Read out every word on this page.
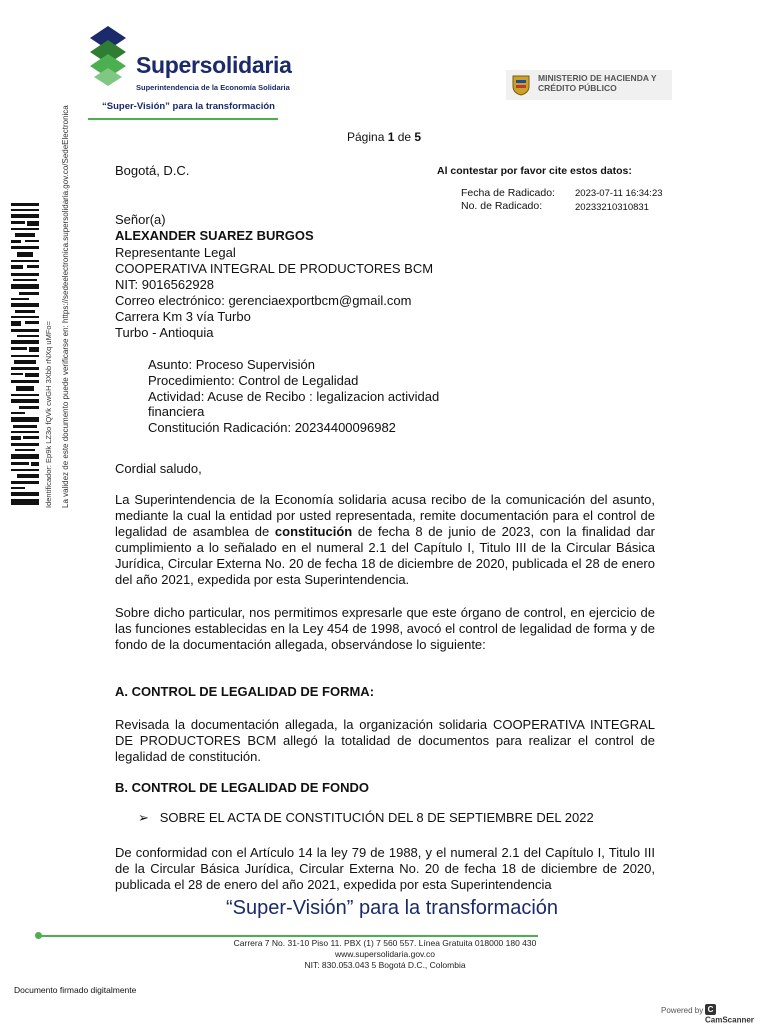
Supersolidaria
Superintendencia de la Economía Solidaria
“Super-Visión” para la transformación
MINISTERIO DE HACIENDA Y CRÉDITO PÚBLICO
La validez de este documento puede verificarse en: https://sedeelectronica.supersolidaria.gov.co/SedeElectronica
Identificador: Ep9k LZ3o fQVk cwGH 3Xbb rNXq uMFo=
Página 1 de 5
Bogotá, D.C.	Al contestar por favor cite estos datos:
Fecha de Radicado: 2023-07-11 16:34:23
No. de Radicado:	20233210310831
Señor(a)
ALEXANDER SUAREZ BURGOS
Representante Legal
COOPERATIVA INTEGRAL DE PRODUCTORES BCM
NIT: 9016562928
Correo electrónico: gerenciaexportbcm@gmail.com
Carrera Km 3 vía Turbo
Turbo - Antioquia
Asunto: Proceso Supervisión
Procedimiento: Control de Legalidad
Actividad: Acuse de Recibo : legalizacion actividad
financiera
Constitución Radicación: 20234400096982
Cordial saludo,
La Superintendencia de la Economía solidaria acusa recibo de la comunicación del asunto, mediante la cual la entidad por usted representada, remite documentación para el control de legalidad de asamblea de constitución de fecha 8 de junio de 2023, con la finalidad dar cumplimiento a lo señalado en el numeral 2.1 del Capítulo I, Titulo III de la Circular Básica Jurídica, Circular Externa No. 20 de fecha 18 de diciembre de 2020, publicada el 28 de enero del año 2021, expedida por esta Superintendencia.
Sobre dicho particular, nos permitimos expresarle que este órgano de control, en ejercicio de las funciones establecidas en la Ley 454 de 1998, avocó el control de legalidad de forma y de fondo de la documentación allegada, observándose lo siguiente:
A. CONTROL DE LEGALIDAD DE FORMA:
Revisada la documentación allegada, la organización solidaria COOPERATIVA INTEGRAL DE PRODUCTORES BCM allegó la totalidad de documentos para realizar el control de legalidad de constitución.
B. CONTROL DE LEGALIDAD DE FONDO
➢ SOBRE EL ACTA DE CONSTITUCIÓN DEL 8 DE SEPTIEMBRE DEL 2022
De conformidad con el Artículo 14 la ley 79 de 1988, y el numeral 2.1 del Capítulo I, Titulo III de la Circular Básica Jurídica, Circular Externa No. 20 de fecha 18 de diciembre de 2020, publicada el 28 de enero del año 2021, expedida por esta Superintendencia
“Super-Visión” para la transformación
Carrera 7 No. 31-10 Piso 11. PBX (1) 7 560 557. Línea Gratuita 018000 180 430
www.supersolidaria.gov.co
NIT: 830.053.043 5 Bogotá D.C., Colombia
Documento firmado digitalmente
Powered by C CamScanner
